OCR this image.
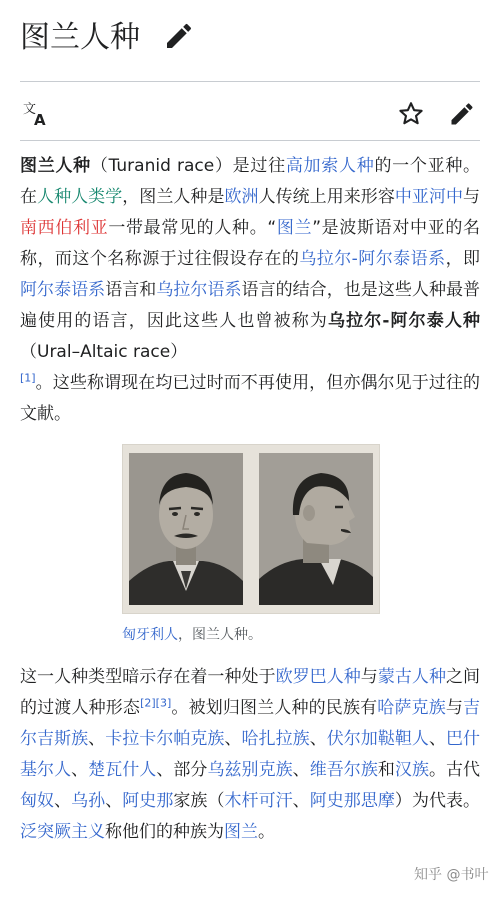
图兰人种
文
A
图兰人种（Turanid race）是过往高加索人种的一个亚种。在人种人类学，图兰人种是欧洲人传统上用来形容中亚河中与南西伯利亚一带最常见的人种。“图兰”是波斯语对中亚的名称，而这个名称源于过往假设存在的乌拉尔-阿尔泰语系，即阿尔泰语系语言和乌拉尔语系语言的结合，也是这些人种最普遍使用的语言，因此这些人也曾被称为乌拉尔-阿尔泰人种（Ural–Altaic race）
[1]。这些称谓现在均已过时而不再使用，但亦偶尔见于过往的文献。
匈牙利人，图兰人种。
这一人种类型暗示存在着一种处于欧罗巴人种与蒙古人种之间的过渡人种形态[2][3]。被划归图兰人种的民族有哈萨克族与吉尔吉斯族、卡拉卡尔帕克族、哈扎拉族、伏尔加鞑靼人、巴什基尔人、楚瓦什人、部分乌兹别克族、维吾尔族和汉族。古代匈奴、乌孙、阿史那家族（木杆可汗、阿史那思摩）为代表。泛突厥主义称他们的种族为图兰。
知乎 @书叶
